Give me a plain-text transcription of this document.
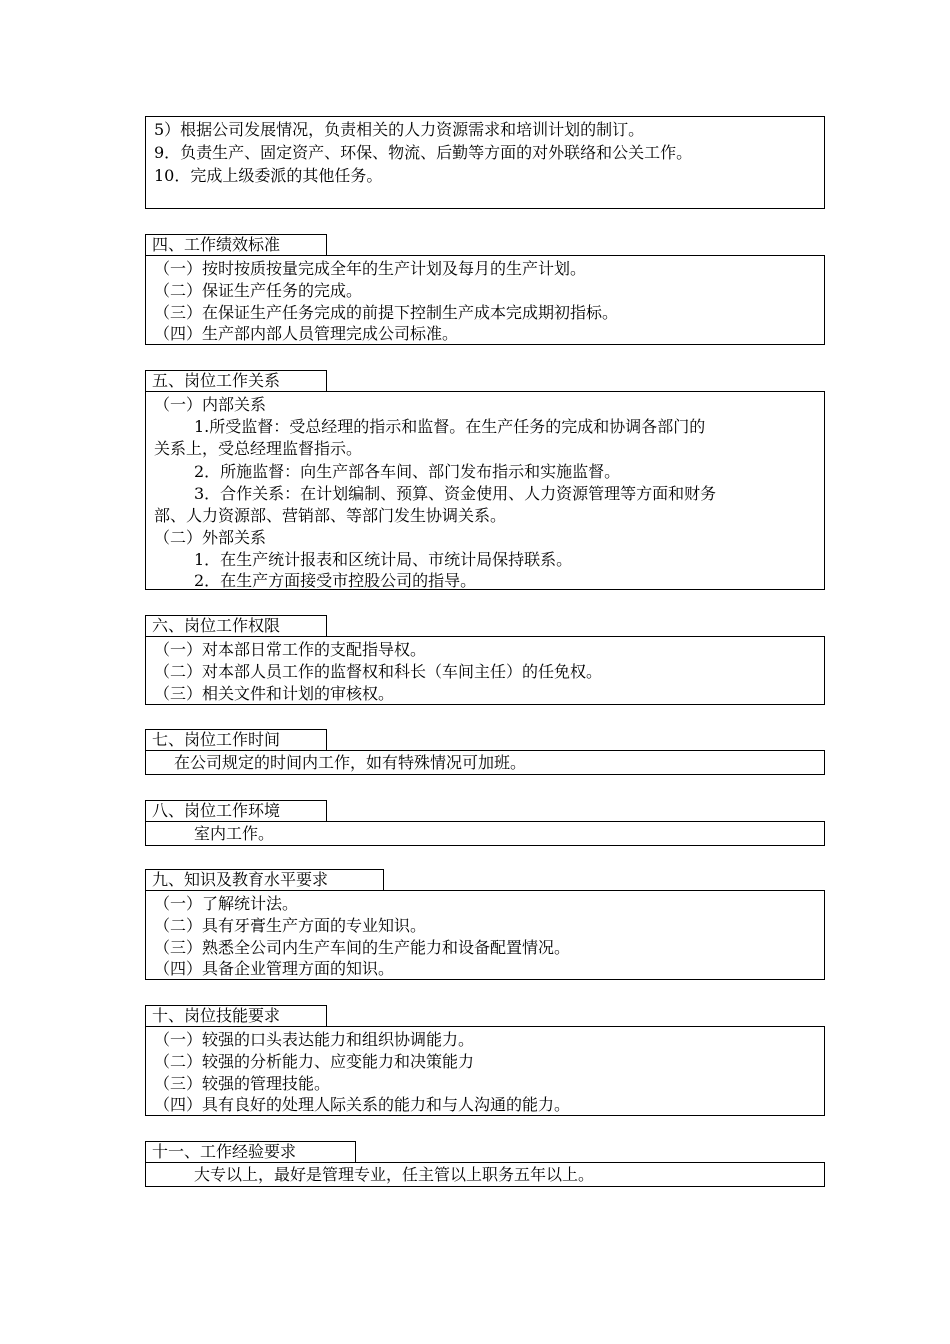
5）根据公司发展情况，负责相关的人力资源需求和培训计划的制订。
9．负责生产、固定资产、环保、物流、后勤等方面的对外联络和公关工作。
10．完成上级委派的其他任务。
四、工作绩效标准
（一）按时按质按量完成全年的生产计划及每月的生产计划。
（二）保证生产任务的完成。
（三）在保证生产任务完成的前提下控制生产成本完成期初指标。
（四）生产部内部人员管理完成公司标准。
五、岗位工作关系
（一）内部关系
1.所受监督：受总经理的指示和监督。在生产任务的完成和协调各部门的
关系上，受总经理监督指示。
2．所施监督：向生产部各车间、部门发布指示和实施监督。
3．合作关系：在计划编制、预算、资金使用、人力资源管理等方面和财务
部、人力资源部、营销部、等部门发生协调关系。
（二）外部关系
1．在生产统计报表和区统计局、市统计局保持联系。
2．在生产方面接受市控股公司的指导。
六、岗位工作权限
（一）对本部日常工作的支配指导权。
（二）对本部人员工作的监督权和科长（车间主任）的任免权。
（三）相关文件和计划的审核权。
七、岗位工作时间
在公司规定的时间内工作，如有特殊情况可加班。
八、岗位工作环境
室内工作。
九、知识及教育水平要求
（一）了解统计法。
（二）具有牙膏生产方面的专业知识。
（三）熟悉全公司内生产车间的生产能力和设备配置情况。
（四）具备企业管理方面的知识。
十、岗位技能要求
（一）较强的口头表达能力和组织协调能力。
（二）较强的分析能力、应变能力和决策能力
（三）较强的管理技能。
（四）具有良好的处理人际关系的能力和与人沟通的能力。
十一、工作经验要求
大专以上，最好是管理专业，任主管以上职务五年以上。
